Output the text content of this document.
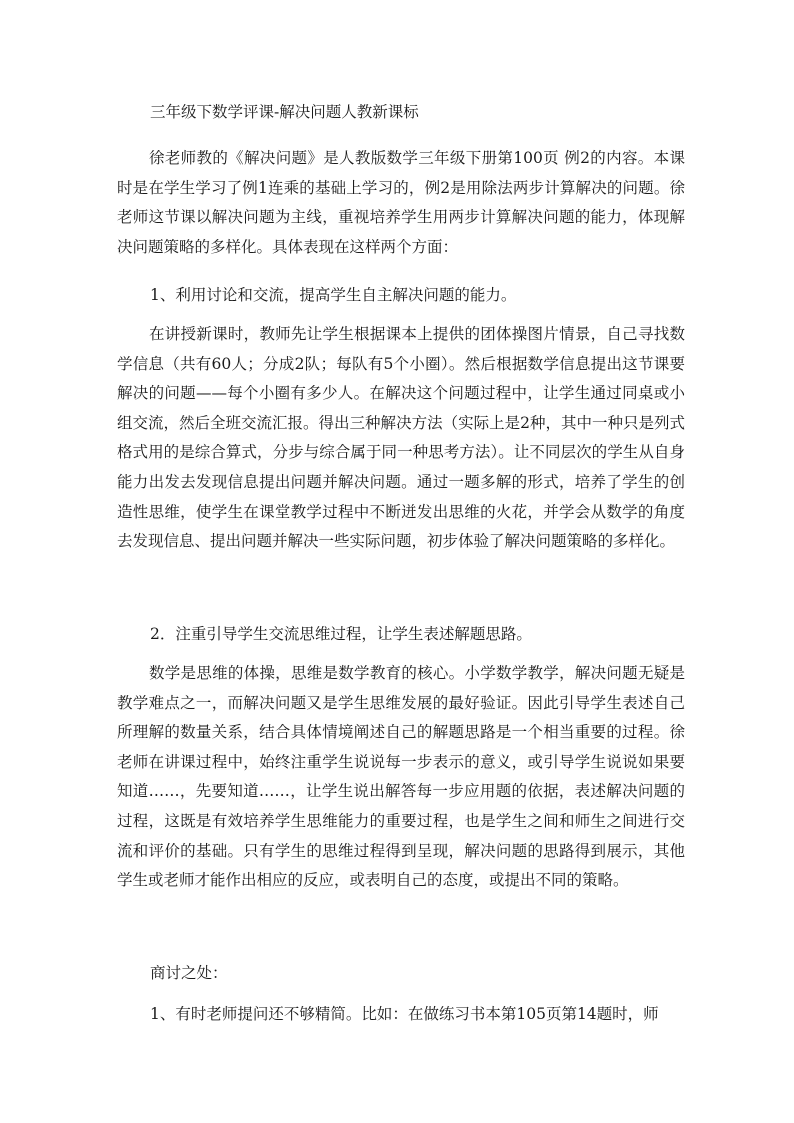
三年级下数学评课-解决问题人教新课标

徐老师教的《解决问题》是人教版数学三年级下册第100页 例2的内容。本课时是在学生学习了例1连乘的基础上学习的，例2是用除法两步计算解决的问题。徐老师这节课以解决问题为主线，重视培养学生用两步计算解决问题的能力，体现解决问题策略的多样化。具体表现在这样两个方面：

1、利用讨论和交流，提高学生自主解决问题的能力。

在讲授新课时，教师先让学生根据课本上提供的团体操图片情景，自己寻找数学信息（共有60人；分成2队；每队有5个小圈）。然后根据数学信息提出这节课要解决的问题——每个小圈有多少人。在解决这个问题过程中，让学生通过同桌或小组交流，然后全班交流汇报。得出三种解决方法（实际上是2种，其中一种只是列式格式用的是综合算式，分步与综合属于同一种思考方法）。让不同层次的学生从自身能力出发去发现信息提出问题并解决问题。通过一题多解的形式，培养了学生的创造性思维，使学生在课堂教学过程中不断迸发出思维的火花，并学会从数学的角度去发现信息、提出问题并解决一些实际问题，初步体验了解决问题策略的多样化。

2．注重引导学生交流思维过程，让学生表述解题思路。

数学是思维的体操，思维是数学教育的核心。小学数学教学，解决问题无疑是教学难点之一，而解决问题又是学生思维发展的最好验证。因此引导学生表述自己所理解的数量关系，结合具体情境阐述自己的解题思路是一个相当重要的过程。徐老师在讲课过程中，始终注重学生说说每一步表示的意义，或引导学生说说如果要知道……，先要知道……，让学生说出解答每一步应用题的依据，表述解决问题的过程，这既是有效培养学生思维能力的重要过程，也是学生之间和师生之间进行交流和评价的基础。只有学生的思维过程得到呈现，解决问题的思路得到展示，其他学生或老师才能作出相应的反应，或表明自己的态度，或提出不同的策略。

商讨之处：

1、有时老师提问还不够精简。比如：在做练习书本第105页第14题时，师
